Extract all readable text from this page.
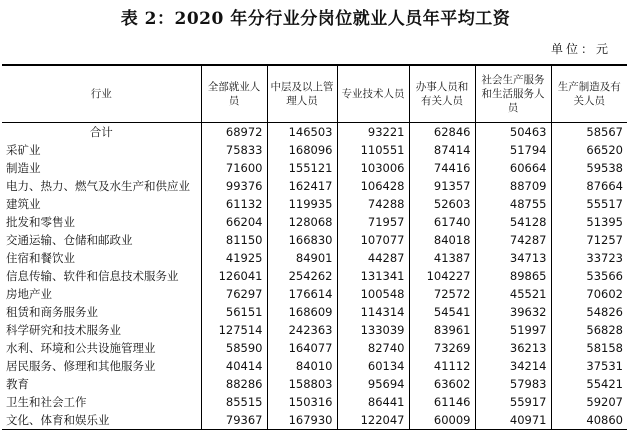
表 2：2020 年分行业分岗位就业人员年平均工资
单位：元
行业	全部就业人员	中层及以上管理人员	专业技术人员	办事人员和有关人员	社会生产服务和生活服务人员	生产制造及有关人员
合计	68972	146503	93221	62846	50463	58567
采矿业	75833	168096	110551	87414	51794	66520
制造业	71600	155121	103006	74416	60664	59538
电力、热力、燃气及水生产和供应业	99376	162417	106428	91357	88709	87664
建筑业	61132	119935	74288	52603	48755	55517
批发和零售业	66204	128068	71957	61740	54128	51395
交通运输、仓储和邮政业	81150	166830	107077	84018	74287	71257
住宿和餐饮业	41925	84901	44287	41387	34713	33723
信息传输、软件和信息技术服务业	126041	254262	131341	104227	89865	53566
房地产业	76297	176614	100548	72572	45521	70602
租赁和商务服务业	56151	168609	114314	54541	39632	54826
科学研究和技术服务业	127514	242363	133039	83961	51997	56828
水利、环境和公共设施管理业	58590	164077	82740	73269	36213	58158
居民服务、修理和其他服务业	40414	84010	60134	41112	34214	37531
教育	88286	158803	95694	63602	57983	55421
卫生和社会工作	85515	150316	86441	61146	55917	59207
文化、体育和娱乐业	79367	167930	122047	60009	40971	40860
